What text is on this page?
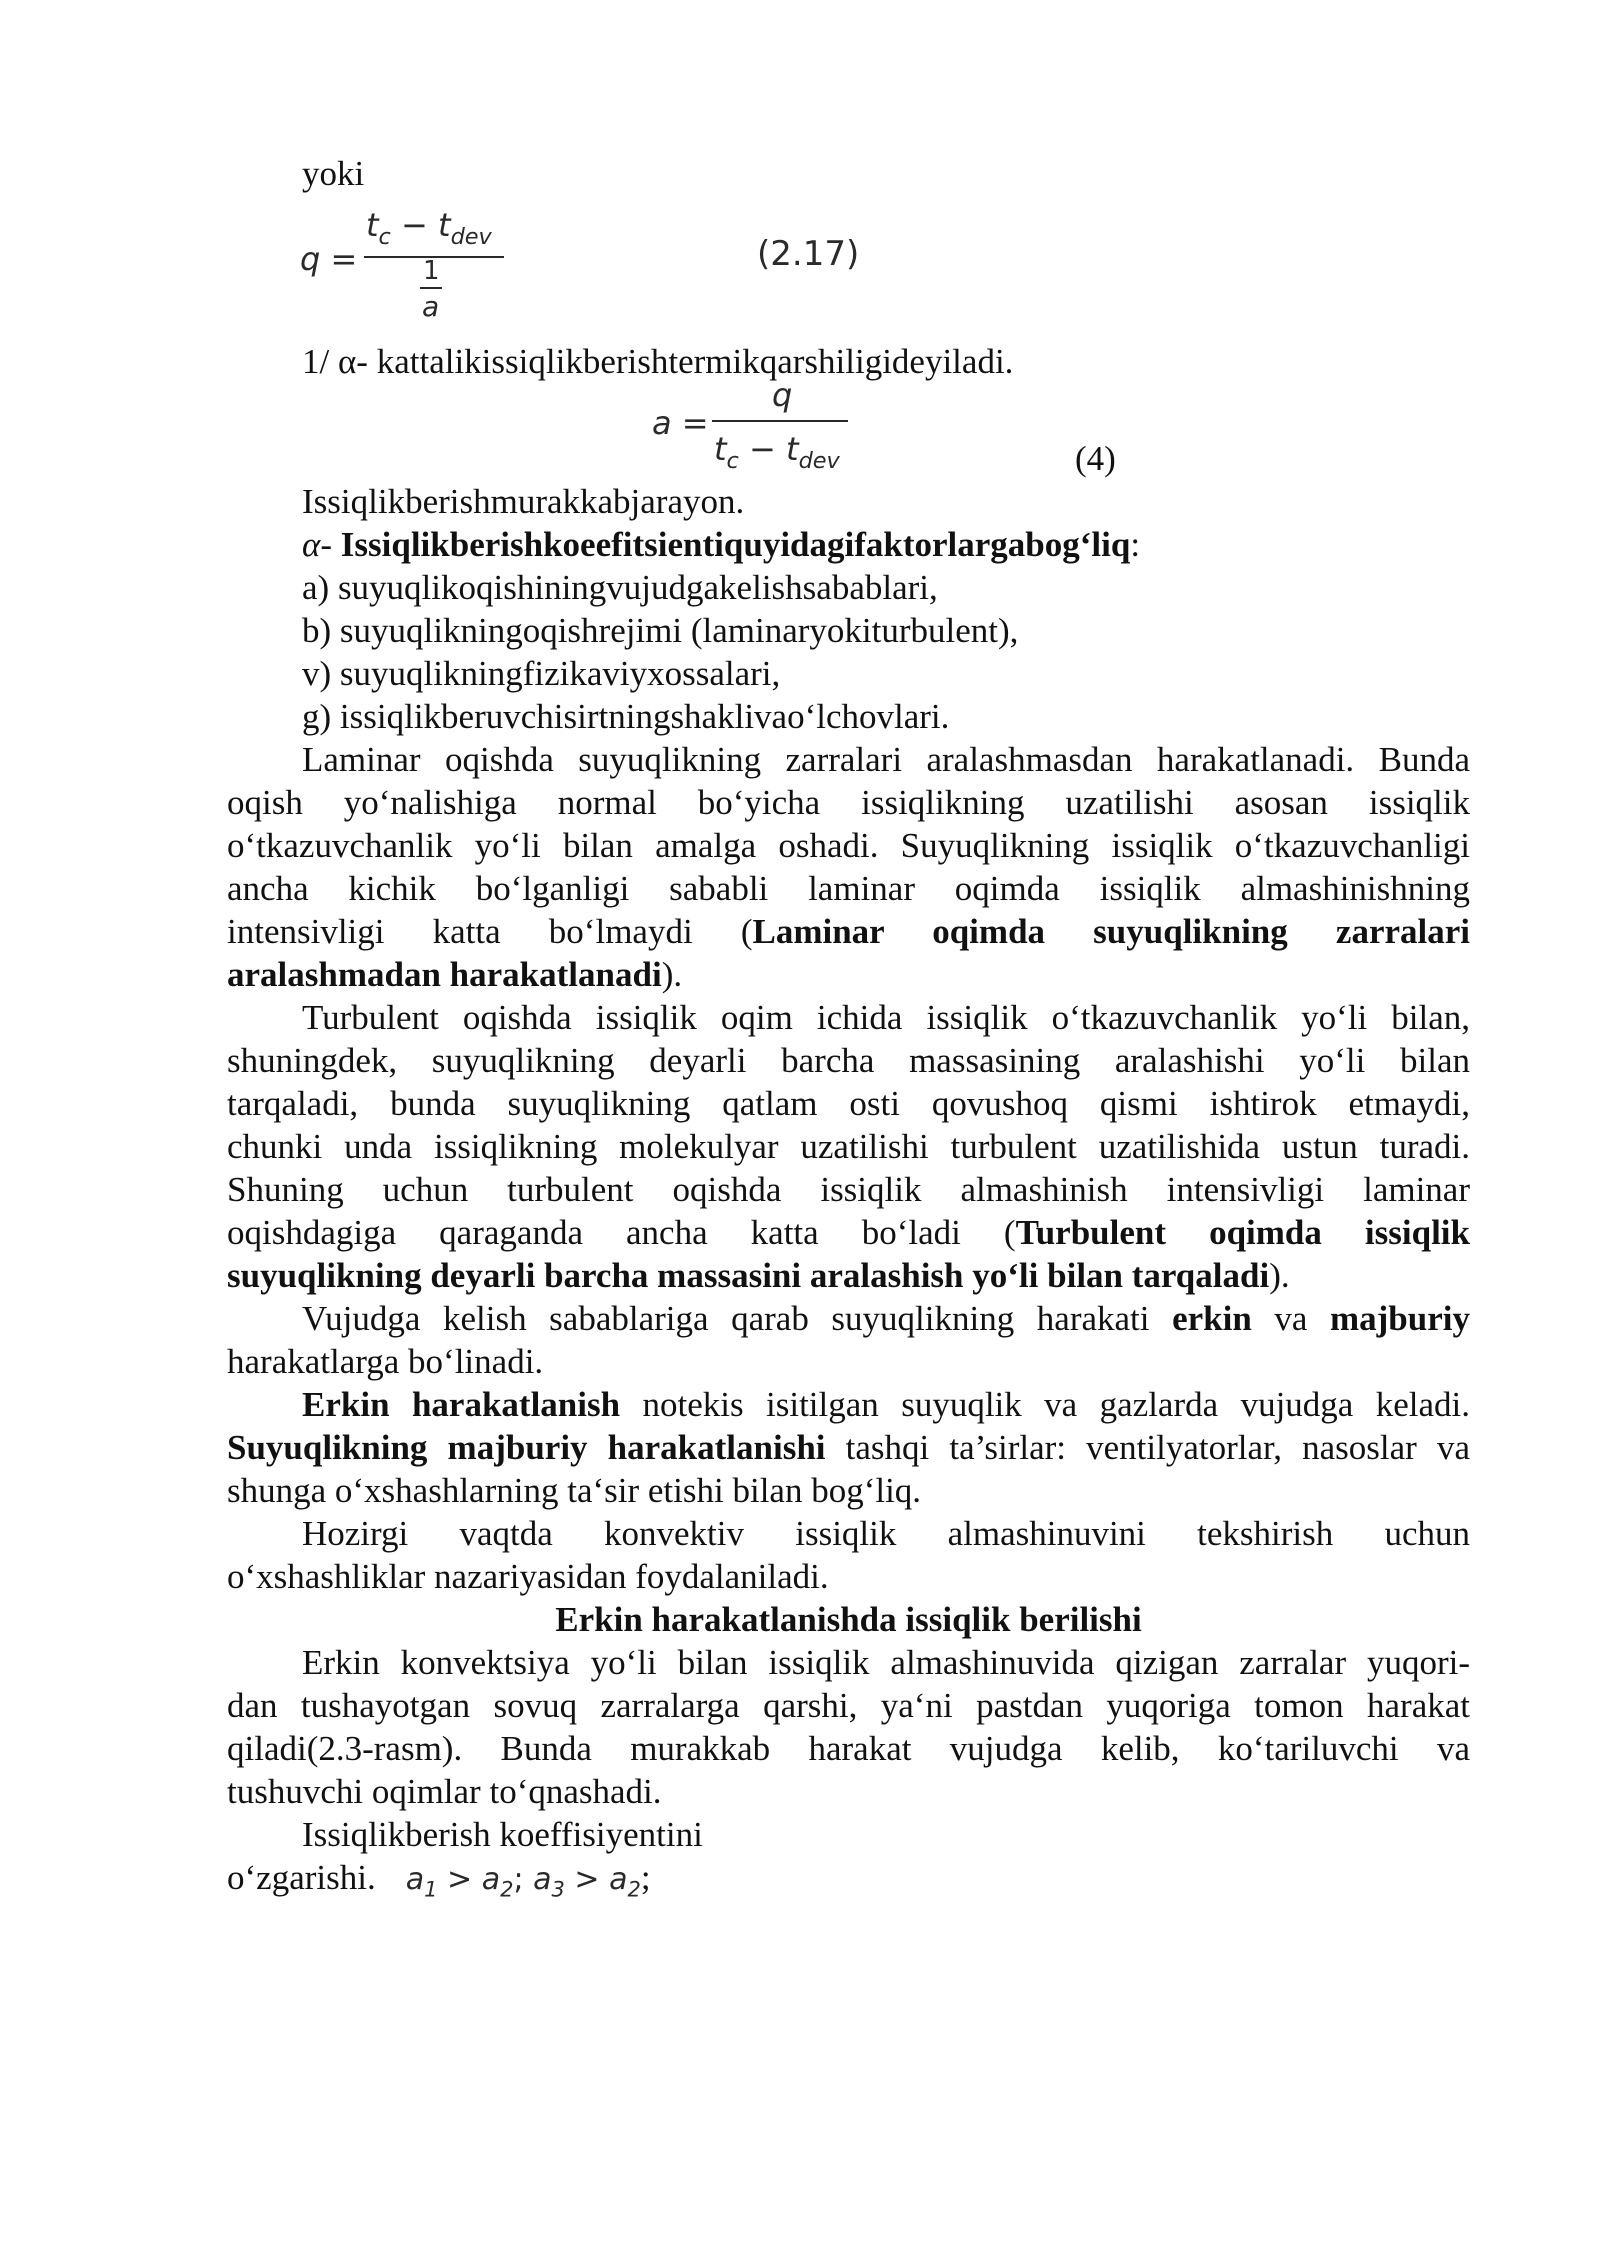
yoki

q =
$t_c - t_{dev}$
1
a
(2.17)

1/ α- kattalikissiqlikberishtermikqarshiligideyiladi.

a =
q
$t_c - t_{dev}$	(4)

Issiqlikberishmurakkabjarayon.

α- Issiqlikberishkoeefitsientiquyidagifaktorlargabog‘liq:

a) suyuqlikoqishiningvujudgakelishsabablari,

b) suyuqlikningoqishrejimi (laminaryokiturbulent),

v) suyuqlikningfizikaviyxossalari,

g) issiqlikberuvchisirtningshaklivao‘lchovlari.

Laminar oqishda suyuqlikning zarralari aralashmasdan harakatlanadi. Bunda

oqish yo‘nalishiga normal bo‘yicha issiqlikning uzatilishi asosan issiqlik

o‘tkazuvchanlik yo‘li bilan amalga oshadi. Suyuqlikning issiqlik o‘tkazuvchanligi

ancha kichik bo‘lganligi sababli laminar oqimda issiqlik almashinishning

intensivligi katta bo‘lmaydi (Laminar oqimda suyuqlikning zarralari

aralashmadan harakatlanadi).

Turbulent oqishda issiqlik oqim ichida issiqlik o‘tkazuvchanlik yo‘li bilan,

shuningdek, suyuqlikning deyarli barcha massasining aralashishi yo‘li bilan

tarqaladi, bunda suyuqlikning qatlam osti qovushoq qismi ishtirok etmaydi,

chunki unda issiqlikning molekulyar uzatilishi turbulent uzatilishida ustun turadi.

Shuning uchun turbulent oqishda issiqlik almashinish intensivligi laminar

oqishdagiga qaraganda ancha katta bo‘ladi (Turbulent oqimda issiqlik

suyuqlikning deyarli barcha massasini aralashish yo‘li bilan tarqaladi).

Vujudga kelish sabablariga qarab suyuqlikning harakati erkin va majburiy

harakatlarga bo‘linadi.

Erkin harakatlanish notekis isitilgan suyuqlik va gazlarda vujudga keladi.

Suyuqlikning majburiy harakatlanishi tashqi ta’sirlar: ventilyatorlar, nasoslar va

shunga o‘xshashlarning ta‘sir etishi bilan bog‘liq.

Hozirgi vaqtda konvektiv issiqlik almashinuvini tekshirish uchun

o‘xshashliklar nazariyasidan foydalaniladi.

Erkin harakatlanishda issiqlik berilishi

Erkin konvektsiya yo‘li bilan issiqlik almashinuvida qizigan zarralar yuqori-

dan tushayotgan sovuq zarralarga qarshi, ya‘ni pastdan yuqoriga tomon harakat

qiladi(2.3-rasm). Bunda murakkab harakat vujudga kelib, ko‘tariluvchi va

tushuvchi oqimlar to‘qnashadi.

Issiqlikberish koeffisiyentini

o‘zgarishi. $a_1 > a_2$; $a_3 > a_2$;
